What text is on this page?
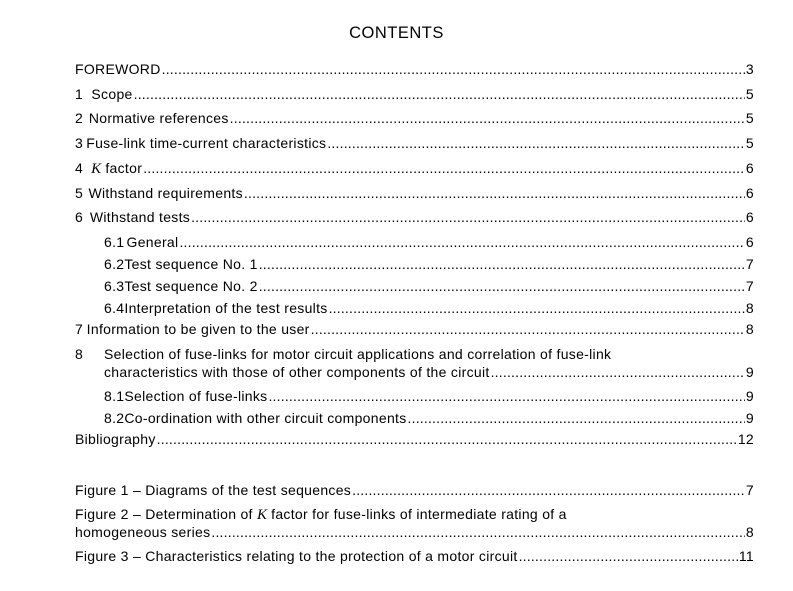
CONTENTS
FOREWORD .....	3
1 Scope .....	5
2 Normative references .....	5
3 Fuse-link time-current characteristics .....	5
4 K factor .....	6
5 Withstand requirements .....	6
6 Withstand tests .....	6
6.1 General .....	6
6.2 Test sequence No. 1 .....	7
6.3 Test sequence No. 2 .....	7
6.4 Interpretation of the test results .....	8
7 Information to be given to the user .....	8
8 Selection of fuse-links for motor circuit applications and correlation of fuse-link
characteristics with those of other components of the circuit .....	9
8.1 Selection of fuse-links .....	9
8.2 Co-ordination with other circuit components .....	9
Bibliography .....	12
Figure 1 – Diagrams of the test sequences .....	7
Figure 2 – Determination of K factor for fuse-links of intermediate rating of a
homogeneous series .....	8
Figure 3 – Characteristics relating to the protection of a motor circuit .....	11
